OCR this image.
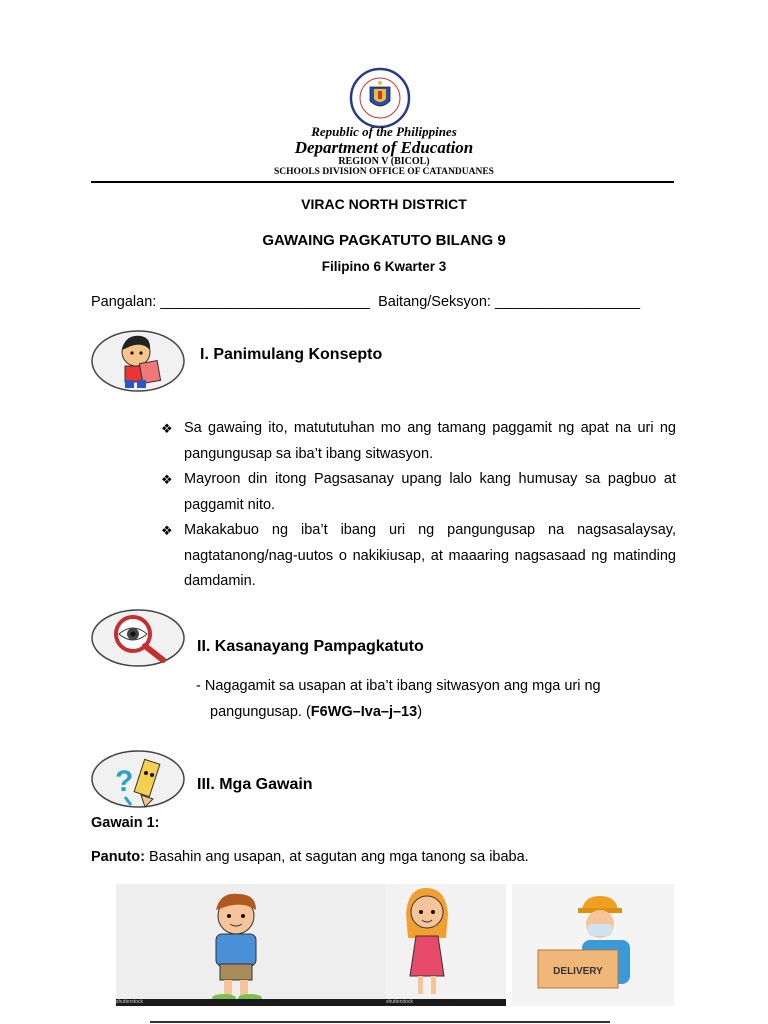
Republic of the Philippines
Department of Education
REGION V (BICOL)
SCHOOLS DIVISION OFFICE OF CATANDUANES
VIRAC NORTH DISTRICT
GAWAING PAGKATUTO BILANG 9
Filipino 6 Kwarter 3
Pangalan: __________________________ Baitang/Seksyon: __________________
I. Panimulang Konsepto
❖ Sa gawaing ito, matututuhan mo ang tamang paggamit ng apat na uri ng pangungusap sa iba’t ibang sitwasyon.
❖ Mayroon din itong Pagsasanay upang lalo kang humusay sa pagbuo at paggamit nito.
❖ Makakabuo ng iba’t ibang uri ng pangungusap na nagsasalaysay, nagtatanong/nag-uutos o nakikiusap, at maaaring nagsasaad ng matinding damdamin.
II. Kasanayang Pampagkatuto
- Nagagamit sa usapan at iba’t ibang sitwasyon ang mga uri ng
pangungusap. (F6WG–Iva–j–13)
?	III. Mga Gawain
Gawain 1:
Panuto: Basahin ang usapan, at sagutan ang mga tanong sa ibaba.
shutterstock	shutterstock
DELIVERY
